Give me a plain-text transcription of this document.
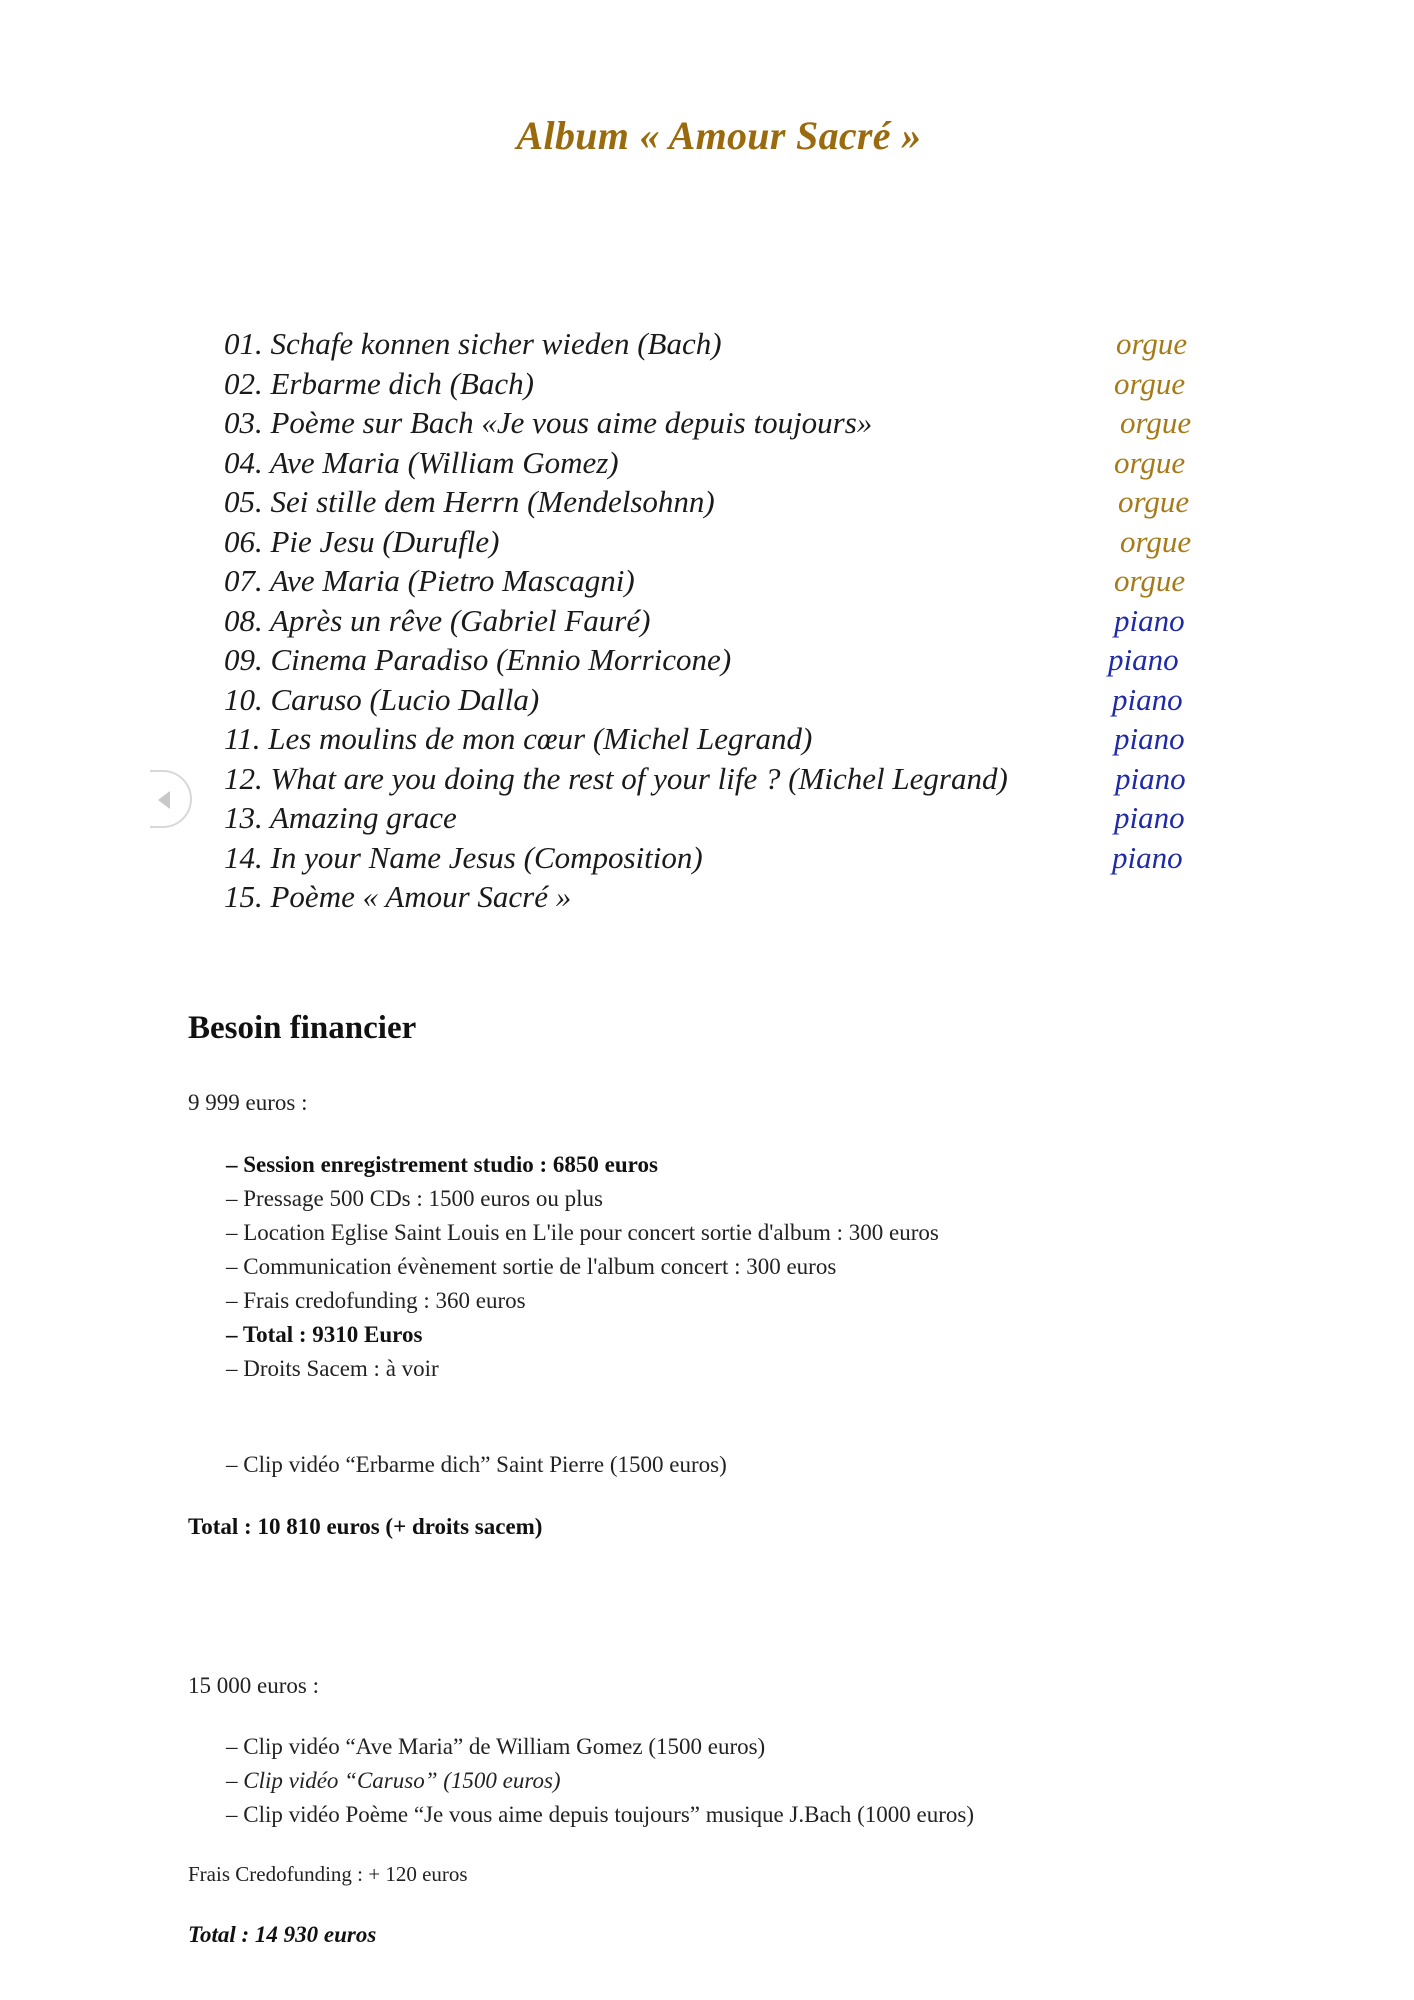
Album « Amour Sacré »
01. Schafe konnen sicher wieden (Bach)	orgue
02. Erbarme dich (Bach)	orgue
03. Poème sur Bach «Je vous aime depuis toujours»	orgue
04. Ave Maria (William Gomez)	orgue
05. Sei stille dem Herrn (Mendelsohnn)	orgue
06. Pie Jesu (Durufle)	orgue
07. Ave Maria (Pietro Mascagni)	orgue
08. Après un rêve (Gabriel Fauré)	piano
09. Cinema Paradiso (Ennio Morricone)	piano
10. Caruso (Lucio Dalla)	piano
11. Les moulins de mon cœur (Michel Legrand)	piano
12. What are you doing the rest of your life ? (Michel Legrand)	piano
13. Amazing grace	piano
14. In your Name Jesus (Composition)	piano
15. Poème « Amour Sacré »
Besoin financier
9 999 euros :
– Session enregistrement studio : 6850 euros
– Pressage 500 CDs : 1500 euros ou plus
– Location Eglise Saint Louis en L'ile pour concert sortie d'album : 300 euros
– Communication évènement sortie de l'album concert : 300 euros
– Frais credofunding : 360 euros
– Total : 9310 Euros
– Droits Sacem : à voir
– Clip vidéo “Erbarme dich” Saint Pierre (1500 euros)
Total : 10 810 euros (+ droits sacem)
15 000 euros :
– Clip vidéo “Ave Maria” de William Gomez (1500 euros)
– Clip vidéo “Caruso” (1500 euros)
– Clip vidéo Poème “Je vous aime depuis toujours” musique J.Bach (1000 euros)
Frais Credofunding : + 120 euros
Total : 14 930 euros
